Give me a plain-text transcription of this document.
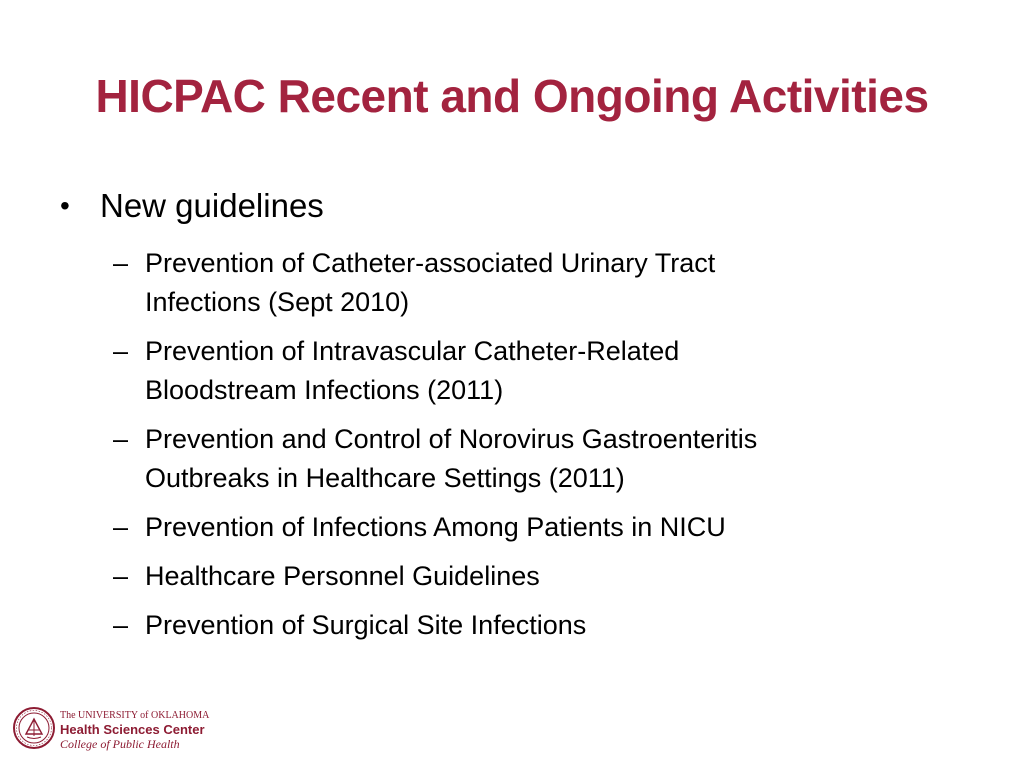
HICPAC Recent and Ongoing Activities
• New guidelines
– Prevention of Catheter-associated Urinary Tract
Infections (Sept 2010)
– Prevention of Intravascular Catheter-Related
Bloodstream Infections (2011)
– Prevention and Control of Norovirus Gastroenteritis
Outbreaks in Healthcare Settings (2011)
– Prevention of Infections Among Patients in NICU
– Healthcare Personnel Guidelines
– Prevention of Surgical Site Infections
The UNIVERSITY of OKLAHOMA
Health Sciences Center
College of Public Health
